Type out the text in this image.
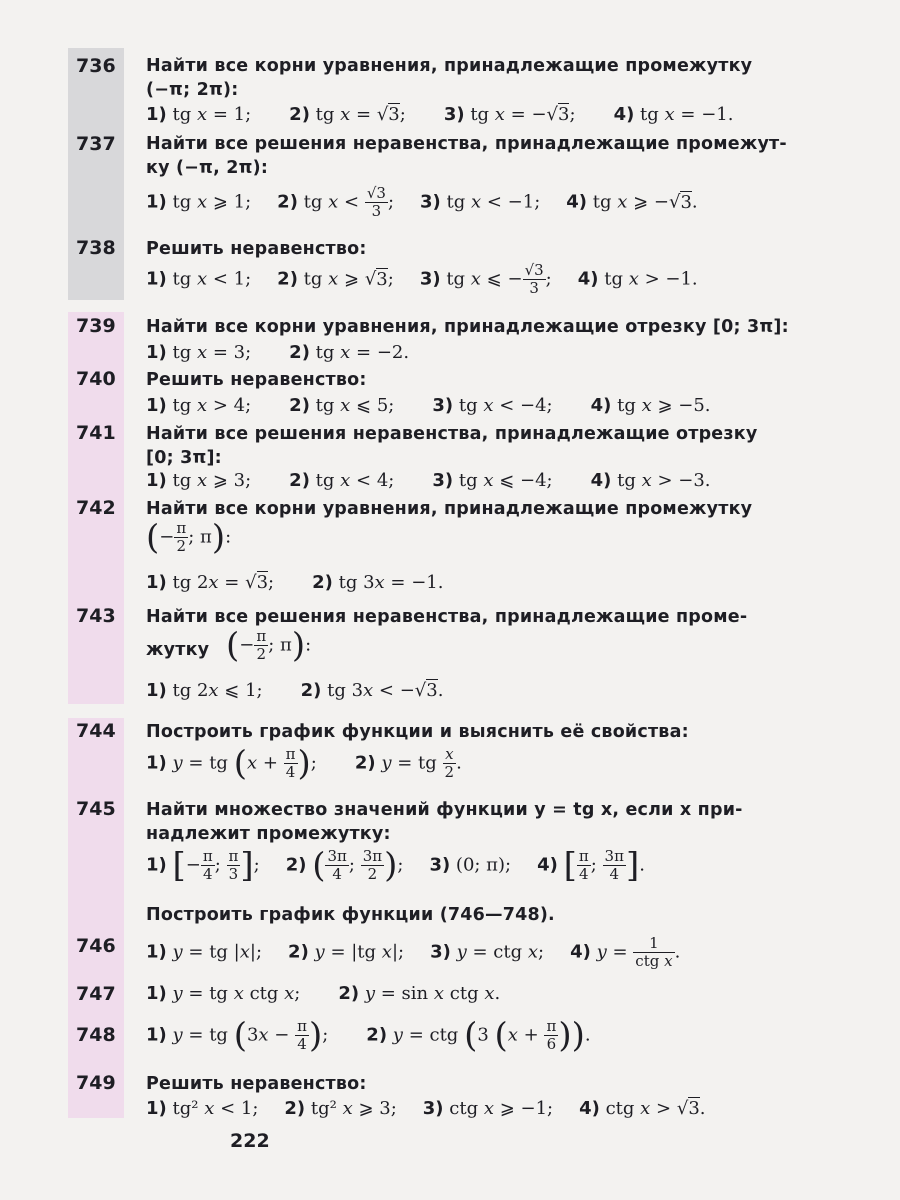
736 Найти все корни уравнения, принадлежащие промежутку
(−π; 2π):
1) tg x = 1; 2) tg x = √3; 3) tg x = −√3; 4) tg x = −1.
737 Найти все решения неравенства, принадлежащие промежут-
ку (−π, 2π):
1) tg x ⩾ 1; 2) tg $x < \frac{√3}{3}$ ; 3) tg x < −1; 4) tg x ⩾ −√3.
738 Решить неравенство:
1) tg x < 1; 2) tg x ⩾ √3; 3) tg x ⩽ − $\frac{√3}{3}$ ; 4) tg x > −1.
739 Найти все корни уравнения, принадлежащие отрезку [0; 3π]:
1) tg x = 3; 2) tg x = −2.
740 Решить неравенство:
1) tg x > 4; 2) tg x ⩽ 5; 3) tg x < −4; 4) tg x ⩾ −5.
741 Найти все решения неравенства, принадлежащие отрезку
[0; 3π]:
1) tg x ⩾ 3; 2) tg x < 4; 3) tg x ⩽ −4; 4) tg x > −3.
742 Найти все корни уравнения, принадлежащие промежутку
(− $\frac{\pi}{2}$ ; π):
1) tg 2x = √3; 2) tg 3x = −1.
743 Найти все решения неравенства, принадлежащие проме-
жутку (− $\frac{\pi}{2}$ ; π):
1) tg 2x ⩽ 1; 2) tg 3x < −√3.
744 Построить график функции и выяснить её свойства:
1) y = tg ($x + \frac{\pi}{4}$ ); 2) y = tg $\frac{x}{2}$ .
745 Найти множество значений функции y = tg x, если x при-
надлежит промежутку:
1) [− $\frac{\pi}{4}$ ; $\frac{\pi}{3}$ ]; 2) ( $\frac{3\pi}{4}$ ; $\frac{3\pi}{2}$ ); 3) (0; π); 4) [ $\frac{\pi}{4}$ ; $\frac{3\pi}{4}$ ].
Построить график функции (746—748).
746 1) y = tg |x|; 2) y = |tg x|; 3) y = ctg x; 4) $y = \frac{1}{\text{ctg x}}$ .
747 1) y = tg x ctg x; 2) y = sin x ctg x.
748 1) y = tg ($3x - \frac{\pi}{4}$ ); 2) y = ctg (3 ($x + \frac{\pi}{6}$ )).
749 Решить неравенство:
1) tg² x < 1; 2) tg² x ⩾ 3; 3) ctg x ⩾ −1; 4) ctg x > √3.
222
